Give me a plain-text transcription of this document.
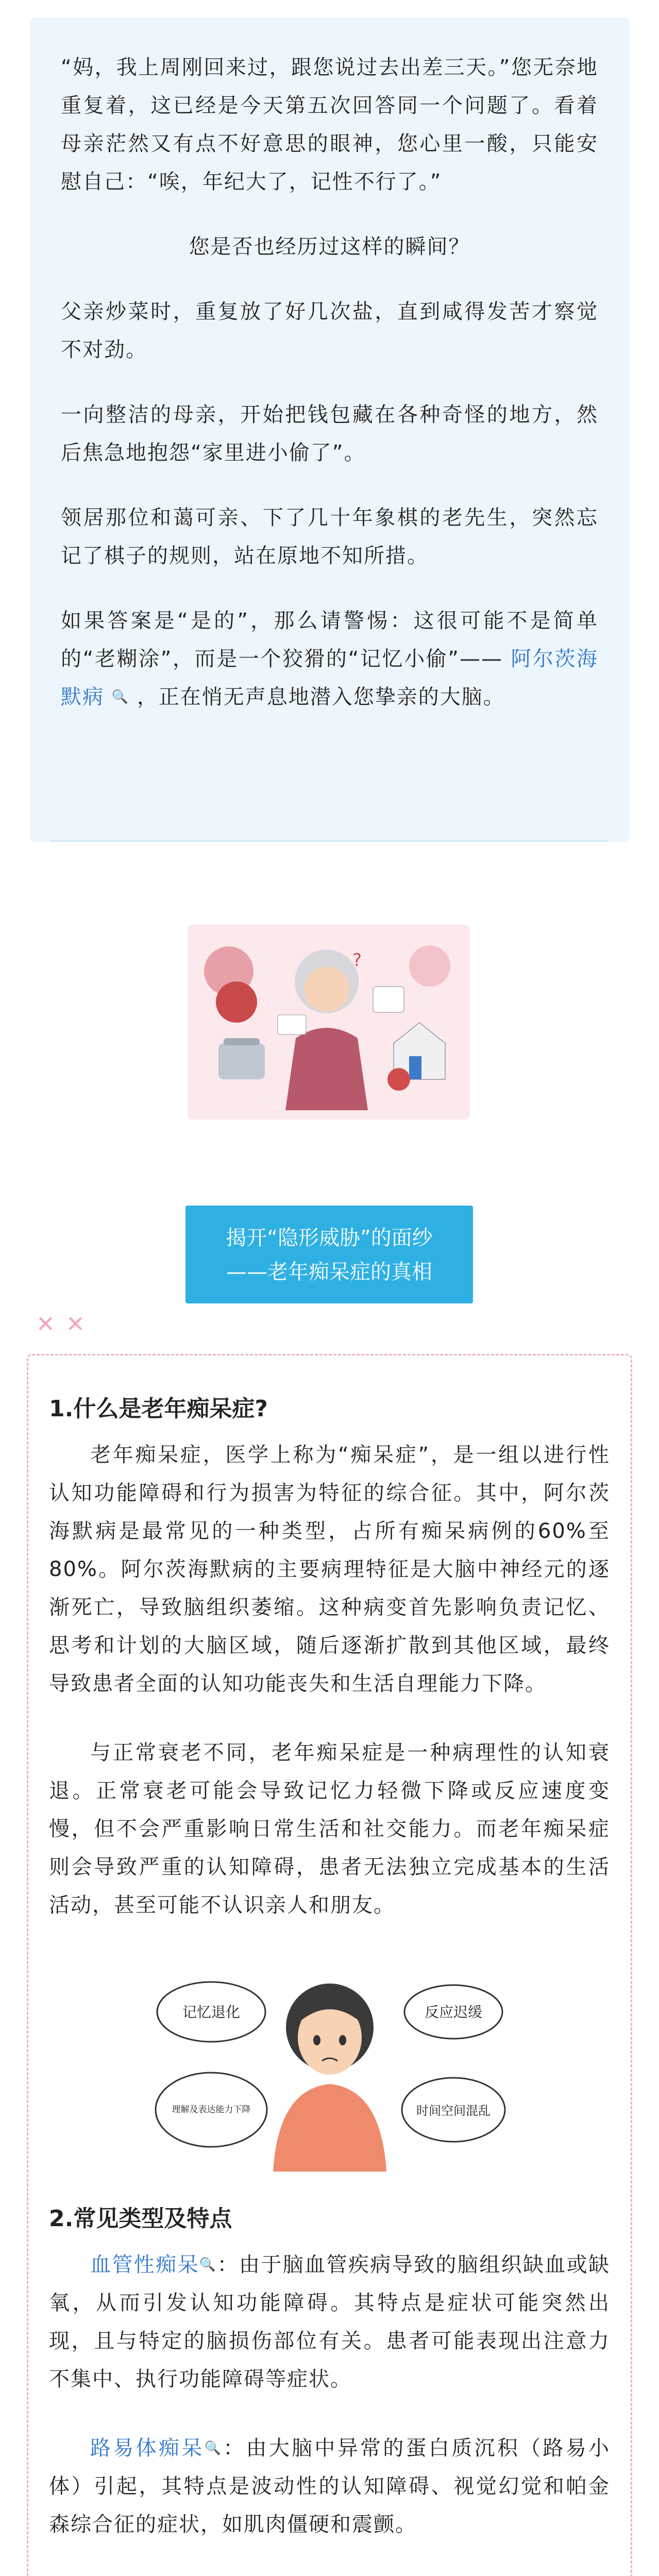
“妈，我上周刚回来过，跟您说过去出差三天。”您无奈地重复着，这已经是今天第五次回答同一个问题了。看着母亲茫然又有点不好意思的眼神，您心里一酸，只能安慰自己：“唉，年纪大了，记性不行了。”

您是否也经历过这样的瞬间？

父亲炒菜时，重复放了好几次盐，直到咸得发苦才察觉不对劲。

一向整洁的母亲，开始把钱包藏在各种奇怪的地方，然后焦急地抱怨“家里进小偷了”。

领居那位和蔼可亲、下了几十年象棋的老先生，突然忘记了棋子的规则，站在原地不知所措。

如果答案是“是的”，那么请警惕：这很可能不是简单的“老糊涂”，而是一个狡猾的“记忆小偷”—— 阿尔茨海默病 🔍 ，正在悄无声息地潜入您挚亲的大脑。

?
揭开“隐形威胁”的面纱
——老年痴呆症的真相
✕ ✕
1.什么是老年痴呆症?

老年痴呆症，医学上称为“痴呆症”，是一组以进行性认知功能障碍和行为损害为特征的综合征。其中，阿尔茨海默病是最常见的一种类型，占所有痴呆病例的60%至80%。阿尔茨海默病的主要病理特征是大脑中神经元的逐渐死亡，导致脑组织萎缩。这种病变首先影响负责记忆、思考和计划的大脑区域，随后逐渐扩散到其他区域，最终导致患者全面的认知功能丧失和生活自理能力下降。

与正常衰老不同，老年痴呆症是一种病理性的认知衰退。正常衰老可能会导致记忆力轻微下降或反应速度变慢，但不会严重影响日常生活和社交能力。而老年痴呆症则会导致严重的认知障碍，患者无法独立完成基本的生活活动，甚至可能不认识亲人和朋友。

记忆退化	反应迟缓
理解及表达能力下降	时间空间混乱
2.常见类型及特点

血管性痴呆🔍：由于脑血管疾病导致的脑组织缺血或缺氧，从而引发认知功能障碍。其特点是症状可能突然出现，且与特定的脑损伤部位有关。患者可能表现出注意力不集中、执行功能障碍等症状。

路易体痴呆🔍：由大脑中异常的蛋白质沉积（路易小体）引起，其特点是波动性的认知障碍、视觉幻觉和帕金森综合征的症状，如肌肉僵硬和震颤。
